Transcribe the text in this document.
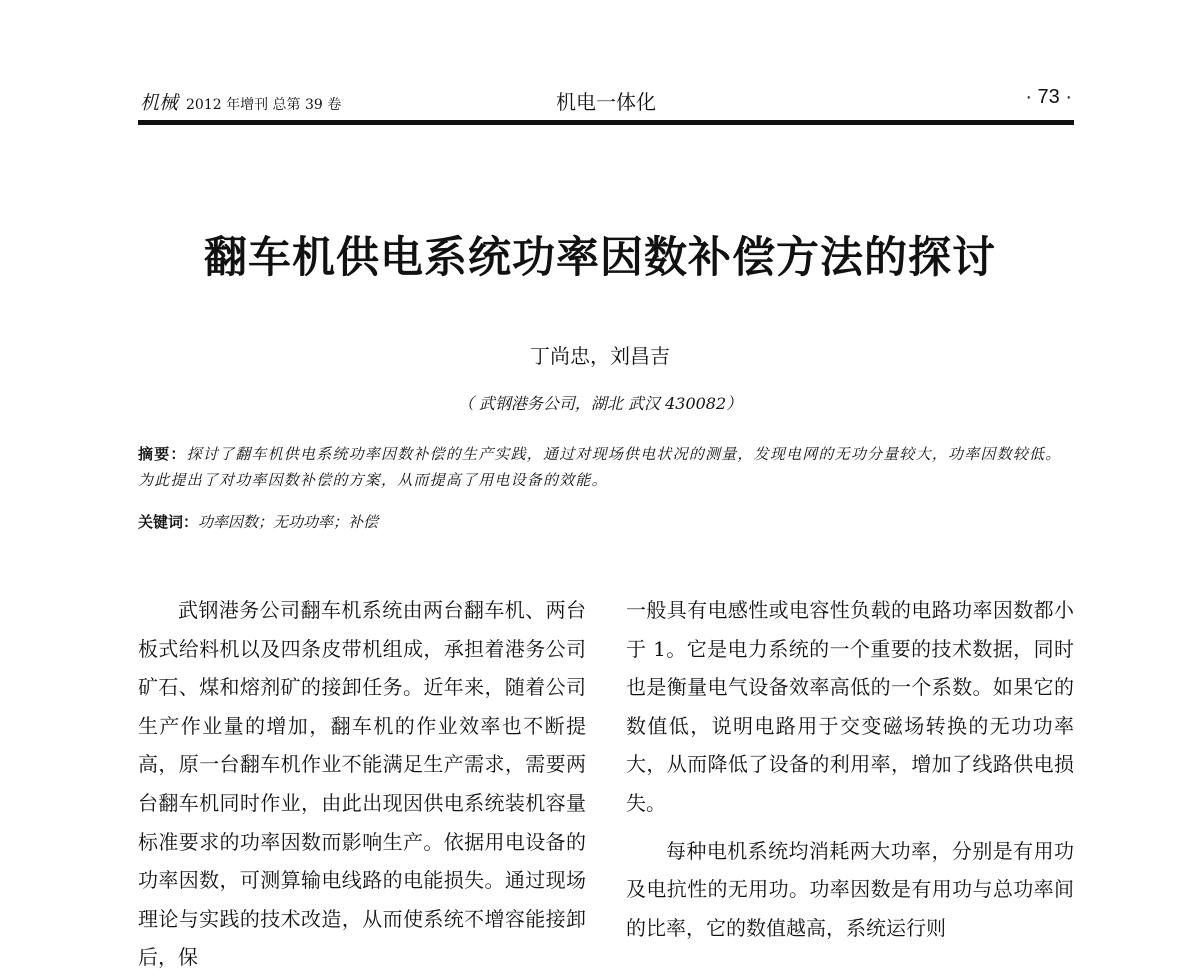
机械 2012 年增刊 总第 39 卷	机电一体化	· 73 ·
翻车机供电系统功率因数补偿方法的探讨
丁尚忠，刘昌吉
（ 武钢港务公司，湖北 武汉 430082）
摘要：探讨了翻车机供电系统功率因数补偿的生产实践，通过对现场供电状况的测量，发现电网的无功分量较大，功率因数较低。为此提出了对功率因数补偿的方案，从而提高了用电设备的效能。
关键词：功率因数；无功功率；补偿

武钢港务公司翻车机系统由两台翻车机、两台板式给料机以及四条皮带机组成，承担着港务公司矿石、煤和熔剂矿的接卸任务。近年来，随着公司生产作业量的增加，翻车机的作业效率也不断提高，原一台翻车机作业不能满足生产需求，需要两台翻车机同时作业，由此出现因供电系统装机容量标准要求的功率因数而影响生产。依据用电设备的功率因数，可测算输电线路的电能损失。通过现场理论与实践的技术改造，从而使系统不增容能接卸后，保

一般具有电感性或电容性负载的电路功率因数都小于 1。它是电力系统的一个重要的技术数据，同时也是衡量电气设备效率高低的一个系数。如果它的数值低，说明电路用于交变磁场转换的无功功率大，从而降低了设备的利用率，增加了线路供电损失。

每种电机系统均消耗两大功率，分别是有用功及电抗性的无用功。功率因数是有用功与总功率间的比率，它的数值越高，系统运行则
